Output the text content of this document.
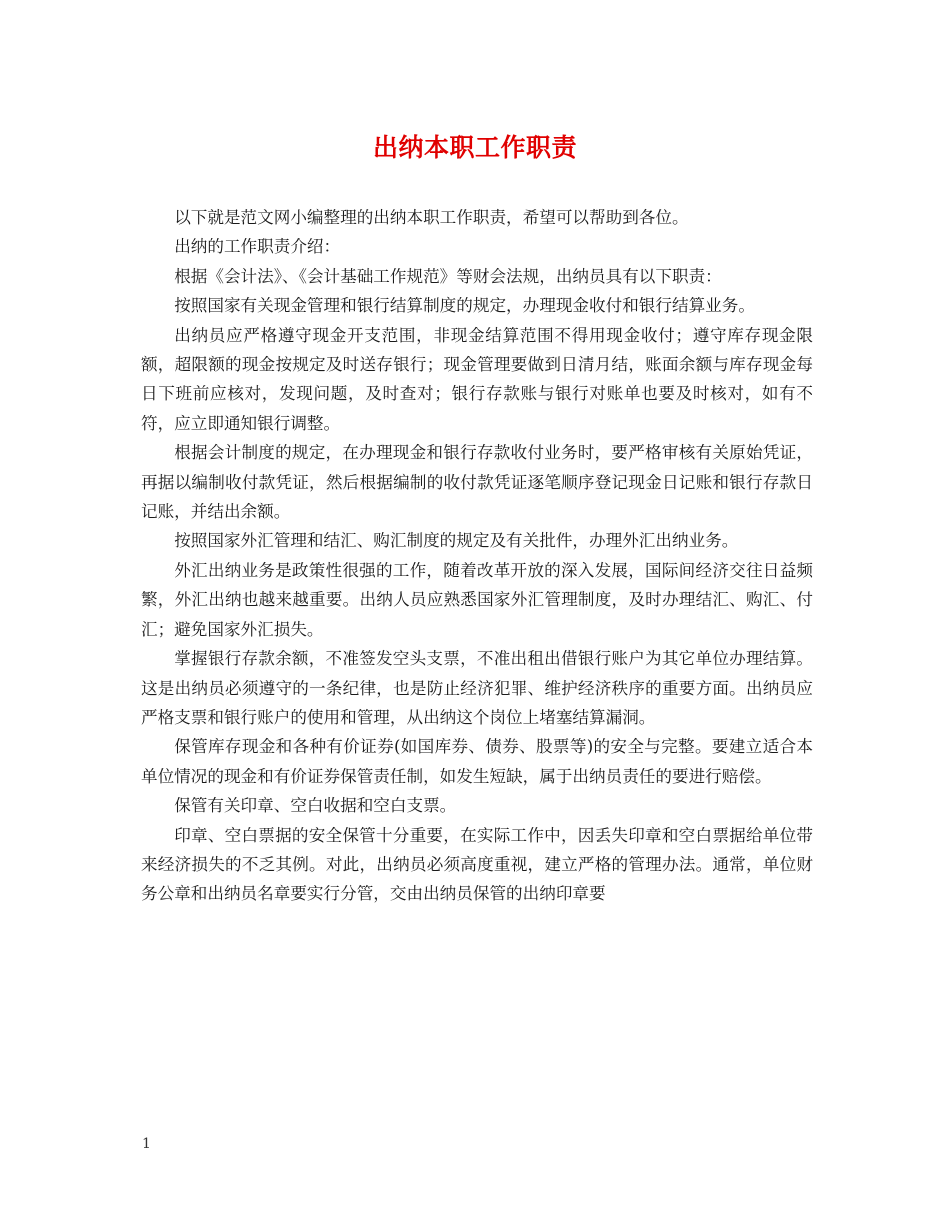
出纳本职工作职责

以下就是范文网小编整理的出纳本职工作职责，希望可以帮助到各位。

出纳的工作职责介绍：

根据《会计法》、《会计基础工作规范》等财会法规，出纳员具有以下职责：

按照国家有关现金管理和银行结算制度的规定，办理现金收付和银行结算业务。

出纳员应严格遵守现金开支范围，非现金结算范围不得用现金收付；遵守库存现金限额，超限额的现金按规定及时送存银行；现金管理要做到日清月结，账面余额与库存现金每日下班前应核对，发现问题，及时查对；银行存款账与银行对账单也要及时核对，如有不符，应立即通知银行调整。

根据会计制度的规定，在办理现金和银行存款收付业务时，要严格审核有关原始凭证，再据以编制收付款凭证，然后根据编制的收付款凭证逐笔顺序登记现金日记账和银行存款日记账，并结出余额。

按照国家外汇管理和结汇、购汇制度的规定及有关批件，办理外汇出纳业务。

外汇出纳业务是政策性很强的工作，随着改革开放的深入发展，国际间经济交往日益频繁，外汇出纳也越来越重要。出纳人员应熟悉国家外汇管理制度，及时办理结汇、购汇、付汇；避免国家外汇损失。

掌握银行存款余额，不准签发空头支票，不准出租出借银行账户为其它单位办理结算。这是出纳员必须遵守的一条纪律，也是防止经济犯罪、维护经济秩序的重要方面。出纳员应严格支票和银行账户的使用和管理，从出纳这个岗位上堵塞结算漏洞。

保管库存现金和各种有价证券(如国库券、债券、股票等)的安全与完整。要建立适合本单位情况的现金和有价证券保管责任制，如发生短缺，属于出纳员责任的要进行赔偿。

保管有关印章、空白收据和空白支票。

印章、空白票据的安全保管十分重要，在实际工作中，因丢失印章和空白票据给单位带来经济损失的不乏其例。对此，出纳员必须高度重视，建立严格的管理办法。通常，单位财务公章和出纳员名章要实行分管，交由出纳员保管的出纳印章要

1
